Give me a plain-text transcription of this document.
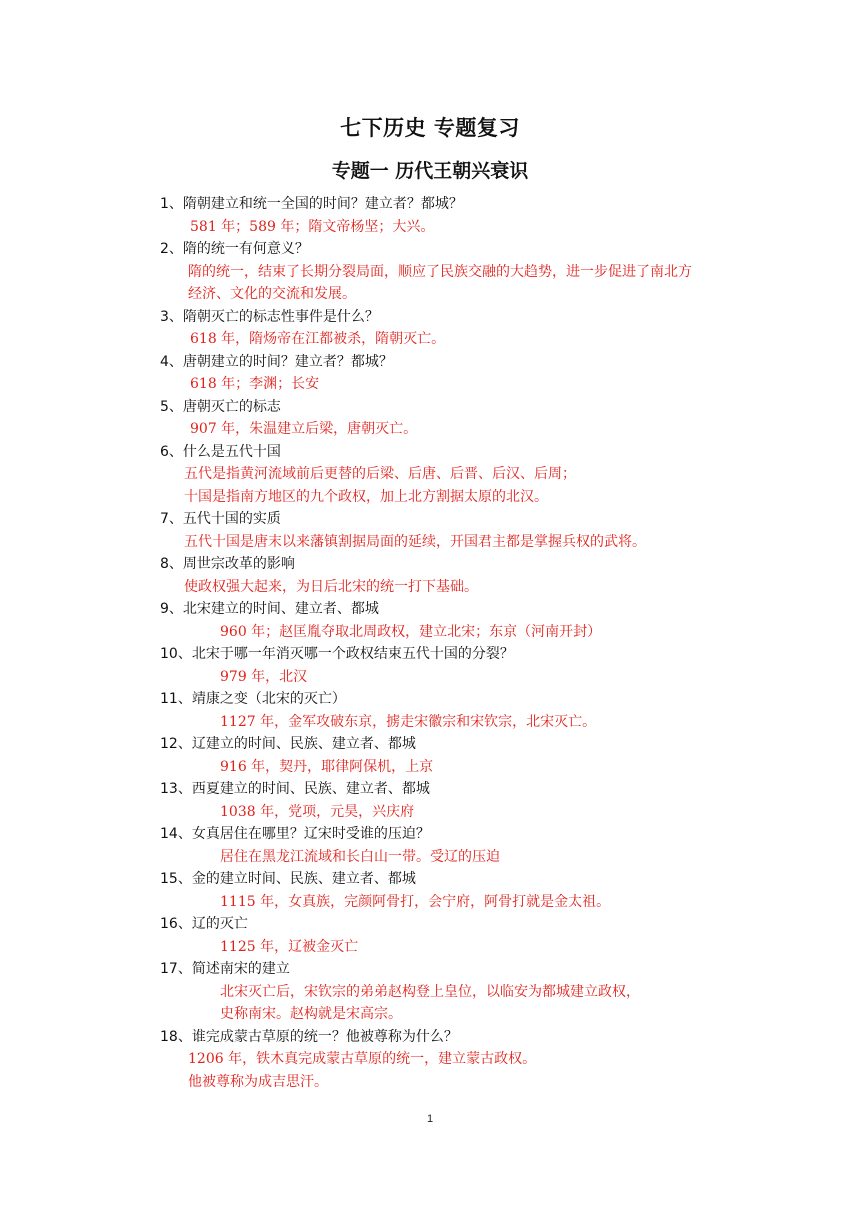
七下历史 专题复习
专题一 历代王朝兴衰识
1、隋朝建立和统一全国的时间？建立者？都城？
581 年；589 年；隋文帝杨坚；大兴。
2、隋的统一有何意义？
隋的统一，结束了长期分裂局面，顺应了民族交融的大趋势，进一步促进了南北方
经济、文化的交流和发展。
3、隋朝灭亡的标志性事件是什么？
618 年，隋炀帝在江都被杀，隋朝灭亡。
4、唐朝建立的时间？建立者？都城？
618 年；李渊；长安
5、唐朝灭亡的标志
907 年，朱温建立后梁，唐朝灭亡。
6、什么是五代十国
五代是指黄河流域前后更替的后梁、后唐、后晋、后汉、后周；
十国是指南方地区的九个政权，加上北方割据太原的北汉。
7、五代十国的实质
五代十国是唐末以来藩镇割据局面的延续，开国君主都是掌握兵权的武将。
8、周世宗改革的影响
使政权强大起来，为日后北宋的统一打下基础。
9、北宋建立的时间、建立者、都城
960 年；赵匡胤夺取北周政权，建立北宋；东京（河南开封）
10、北宋于哪一年消灭哪一个政权结束五代十国的分裂？
979 年，北汉
11、靖康之变（北宋的灭亡）
1127 年，金军攻破东京，掳走宋徽宗和宋钦宗，北宋灭亡。
12、辽建立的时间、民族、建立者、都城
916 年，契丹，耶律阿保机，上京
13、西夏建立的时间、民族、建立者、都城
1038 年，党项，元昊，兴庆府
14、女真居住在哪里？辽宋时受谁的压迫？
居住在黑龙江流域和长白山一带。受辽的压迫
15、金的建立时间、民族、建立者、都城
1115 年，女真族，完颜阿骨打，会宁府，阿骨打就是金太祖。
16、辽的灭亡
1125 年，辽被金灭亡
17、简述南宋的建立
北宋灭亡后，宋钦宗的弟弟赵构登上皇位，以临安为都城建立政权，
史称南宋。赵构就是宋高宗。
18、谁完成蒙古草原的统一？他被尊称为什么？
1206 年，铁木真完成蒙古草原的统一，建立蒙古政权。
他被尊称为成吉思汗。
1
